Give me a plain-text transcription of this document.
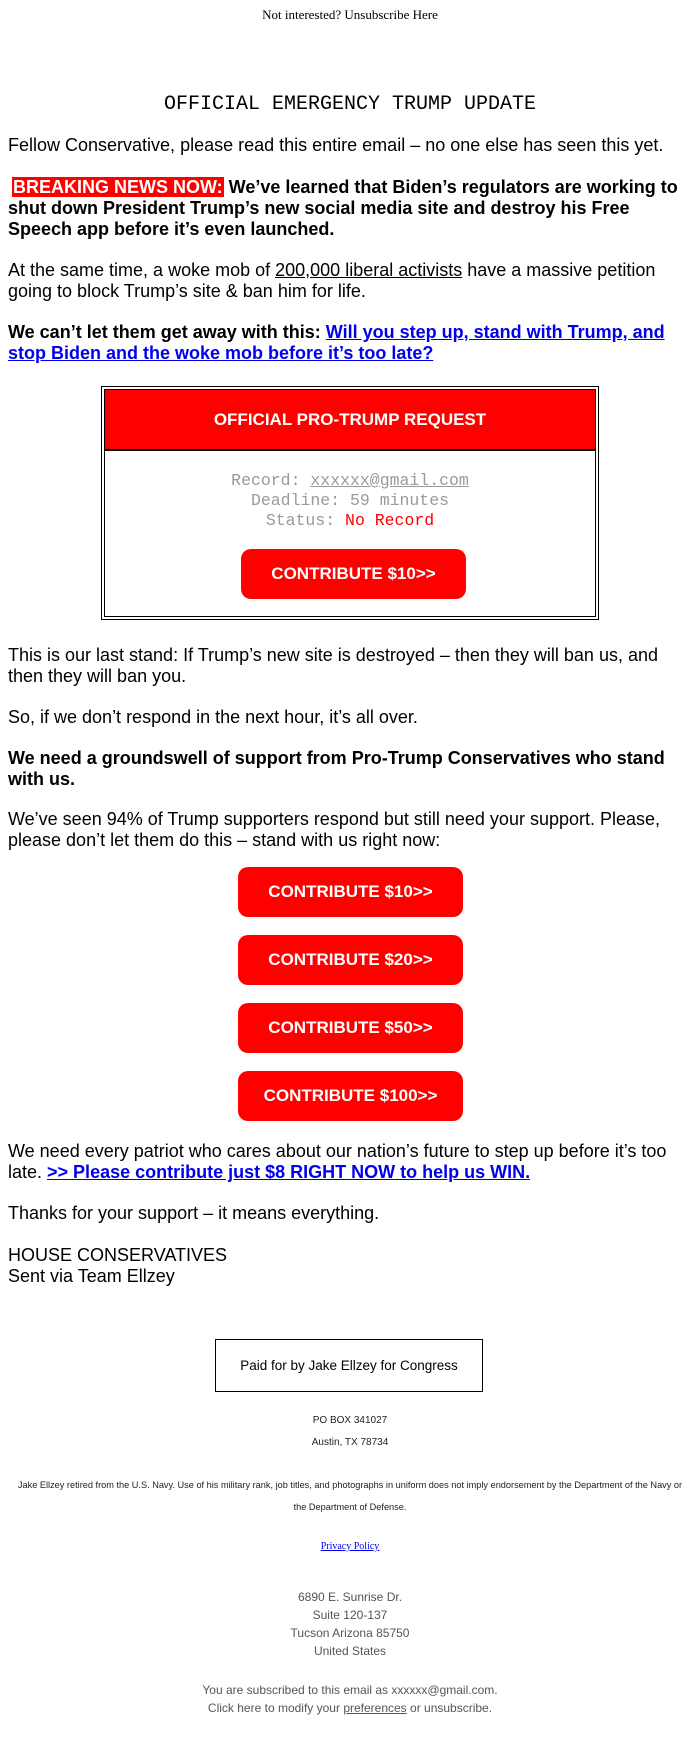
Not interested? Unsubscribe Here
OFFICIAL EMERGENCY TRUMP UPDATE

Fellow Conservative, please read this entire email – no one else has seen this yet.

BREAKING NEWS NOW: We’ve learned that Biden’s regulators are working to shut down President Trump’s new social media site and destroy his Free Speech app before it’s even launched.

At the same time, a woke mob of 200,000 liberal activists have a massive petition going to block Trump’s site & ban him for life.

We can’t let them get away with this: Will you step up, stand with Trump, and stop Biden and the woke mob before it’s too late?

OFFICIAL PRO-TRUMP REQUEST
Record: xxxxxx@gmail.com
Deadline: 59 minutes
Status: No Record
CONTRIBUTE $10>>

This is our last stand: If Trump’s new site is destroyed – then they will ban us, and then they will ban you.

So, if we don’t respond in the next hour, it’s all over.

We need a groundswell of support from Pro-Trump Conservatives who stand with us.

We’ve seen 94% of Trump supporters respond but still need your support. Please, please don’t let them do this – stand with us right now:

CONTRIBUTE $10>>
CONTRIBUTE $20>>
CONTRIBUTE $50>>
CONTRIBUTE $100>>

We need every patriot who cares about our nation’s future to step up before it’s too late. >> Please contribute just $8 RIGHT NOW to help us WIN.

Thanks for your support – it means everything.

HOUSE CONSERVATIVES

Sent via Team Ellzey

Paid for by Jake Ellzey for Congress
PO BOX 341027
Austin, TX 78734
Jake Ellzey retired from the U.S. Navy. Use of his military rank, job titles, and photographs in uniform does not imply endorsement by the Department of the Navy or the Department of Defense.
Privacy Policy
6890 E. Sunrise Dr.
Suite 120-137
Tucson Arizona 85750
United States
You are subscribed to this email as xxxxxx@gmail.com.
Click here to modify your preferences or unsubscribe.
